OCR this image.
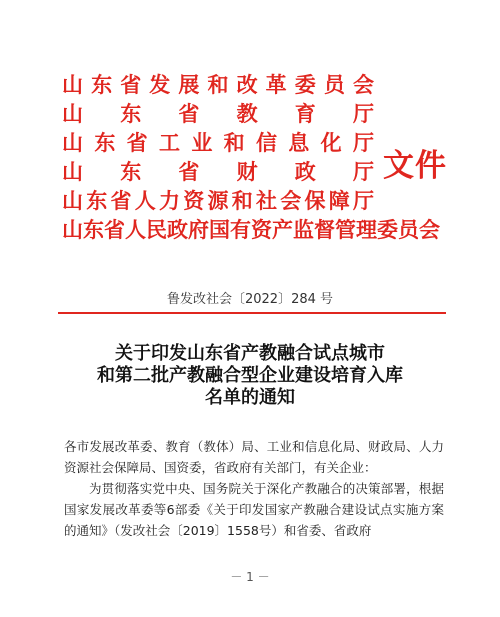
山 东 省 发 展 和 改 革 委 员 会
山 东 省 教 育 厅
山 东 省 工 业 和 信 息 化 厅
山 东 省 财 政 厅
山 东 省 人 力 资 源 和 社 会 保 障 厅
山 东 省 人 民 政 府 国 有 资 产 监 督 管 理 委 员 会
文件
鲁发改社会〔2022〕284 号
关于印发山东省产教融合试点城市
和第二批产教融合型企业建设培育入库
名单的通知

各市发展改革委、教育（教体）局、工业和信息化局、财政局、人力资源社会保障局、国资委，省政府有关部门，有关企业：

为贯彻落实党中央、国务院关于深化产教融合的决策部署，根据国家发展改革委等6部委《关于印发国家产教融合建设试点实施方案的通知》（发改社会〔2019〕1558号）和省委、省政府

－ 1 －
